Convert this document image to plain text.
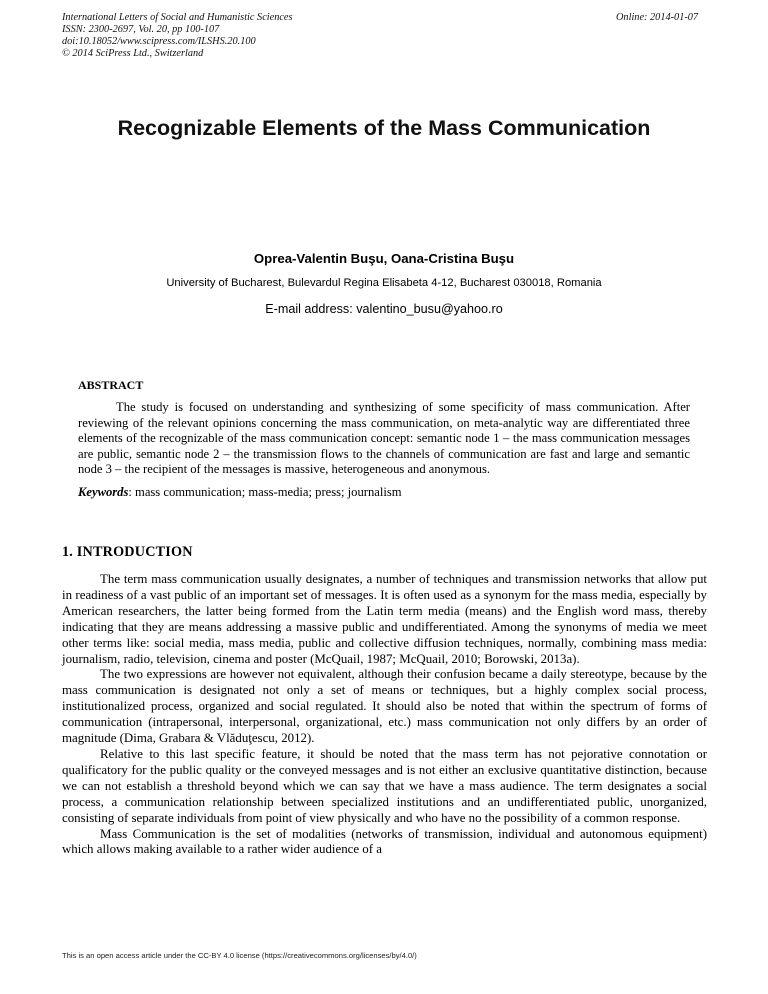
International Letters of Social and Humanistic Sciences
ISSN: 2300-2697, Vol. 20, pp 100-107
doi:10.18052/www.scipress.com/ILSHS.20.100
© 2014 SciPress Ltd., Switzerland
Online: 2014-01-07
Recognizable Elements of the Mass Communication
Oprea-Valentin Buşu, Oana-Cristina Buşu
University of Bucharest, Bulevardul Regina Elisabeta 4-12, Bucharest 030018, Romania
E-mail address: valentino_busu@yahoo.ro
ABSTRACT

The study is focused on understanding and synthesizing of some specificity of mass communication. After reviewing of the relevant opinions concerning the mass communication, on meta-analytic way are differentiated three elements of the recognizable of the mass communication concept: semantic node 1 – the mass communication messages are public, semantic node 2 – the transmission flows to the channels of communication are fast and large and semantic node 3 – the recipient of the messages is massive, heterogeneous and anonymous.

Keywords: mass communication; mass-media; press; journalism
1. INTRODUCTION

The term mass communication usually designates, a number of techniques and transmission networks that allow put in readiness of a vast public of an important set of messages. It is often used as a synonym for the mass media, especially by American researchers, the latter being formed from the Latin term media (means) and the English word mass, thereby indicating that they are means addressing a massive public and undifferentiated. Among the synonyms of media we meet other terms like: social media, mass media, public and collective diffusion techniques, normally, combining mass media: journalism, radio, television, cinema and poster (McQuail, 1987; McQuail, 2010; Borowski, 2013a).

The two expressions are however not equivalent, although their confusion became a daily stereotype, because by the mass communication is designated not only a set of means or techniques, but a highly complex social process, institutionalized process, organized and social regulated. It should also be noted that within the spectrum of forms of communication (intrapersonal, interpersonal, organizational, etc.) mass communication not only differs by an order of magnitude (Dima, Grabara & Vlăduţescu, 2012).

Relative to this last specific feature, it should be noted that the mass term has not pejorative connotation or qualificatory for the public quality or the conveyed messages and is not either an exclusive quantitative distinction, because we can not establish a threshold beyond which we can say that we have a mass audience. The term designates a social process, a communication relationship between specialized institutions and an undifferentiated public, unorganized, consisting of separate individuals from point of view physically and who have no the possibility of a common response.

Mass Communication is the set of modalities (networks of transmission, individual and autonomous equipment) which allows making available to a rather wider audience of a

This is an open access article under the CC-BY 4.0 license (https://creativecommons.org/licenses/by/4.0/)
